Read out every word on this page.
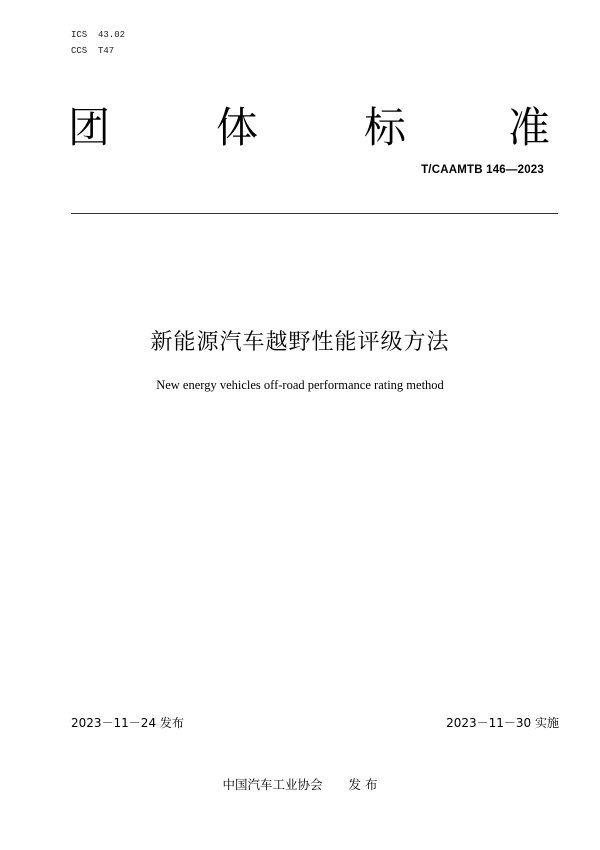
ICS  43.02
CCS  T47
团	体	标 准
T/CAAMTB 146—2023
新能源汽车越野性能评级方法
New energy vehicles off-road performance rating method
2023－11－24 发布	2023－11－30 实施
中国汽车工业协会 发 布
